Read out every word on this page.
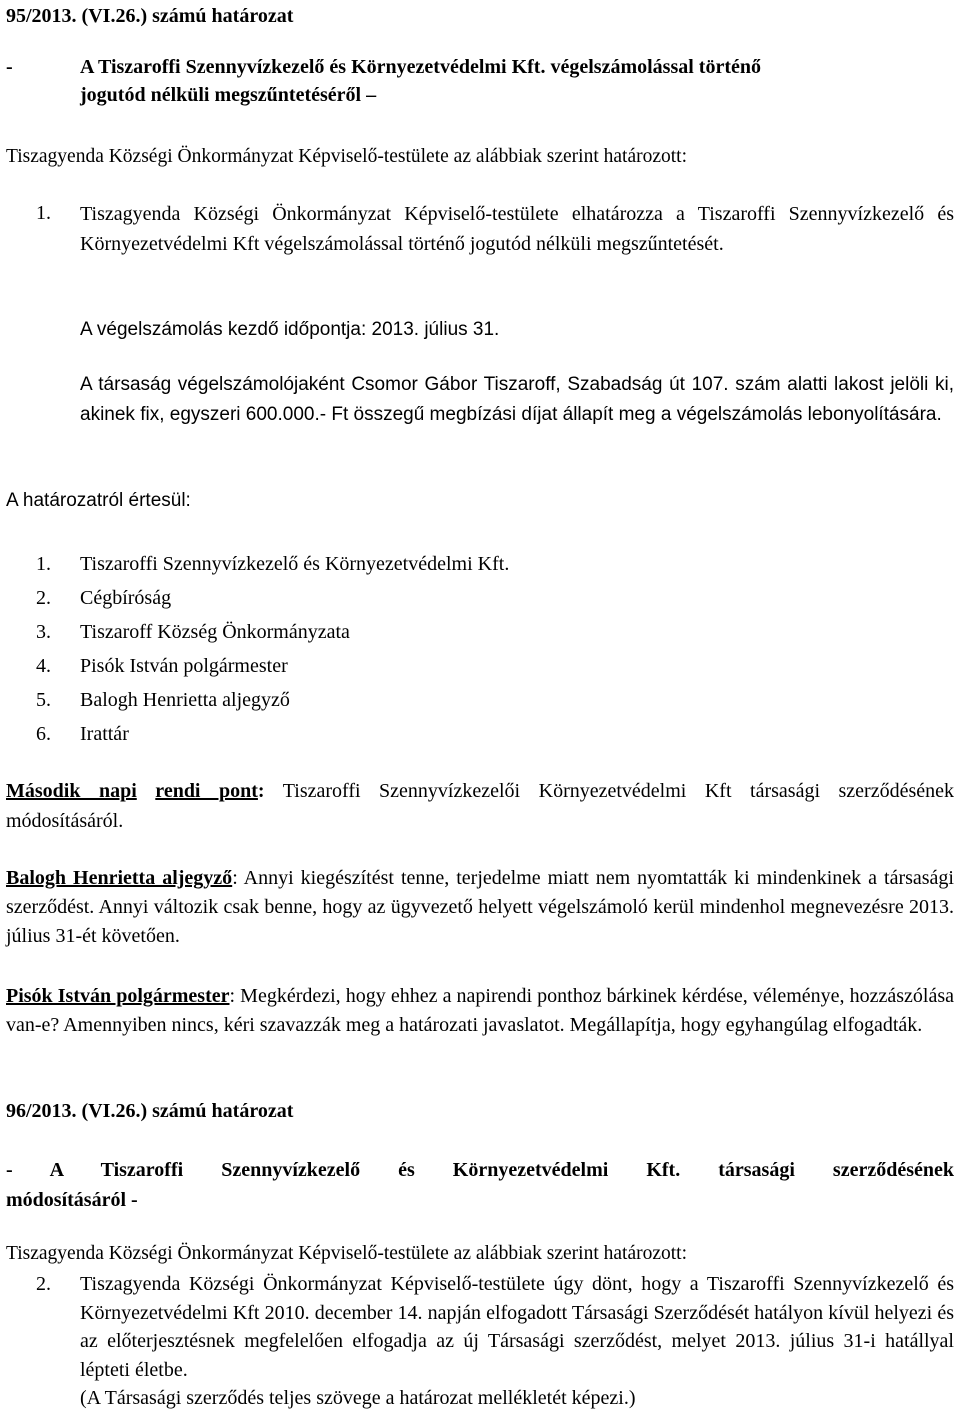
95/2013. (VI.26.) számú határozat
-	A Tiszaroffi Szennyvízkezelő és Környezetvédelmi Kft. végelszámolással történő
jogutód nélküli megszűntetéséről –
Tiszagyenda Községi Önkormányzat Képviselő-testülete az alábbiak szerint határozott:
1. Tiszagyenda Községi Önkormányzat Képviselő-testülete elhatározza a Tiszaroffi Szennyvízkezelő és Környezetvédelmi Kft végelszámolással történő jogutód nélküli megszűntetését.
A végelszámolás kezdő időpontja: 2013. július 31.
A társaság végelszámolójaként Csomor Gábor Tiszaroff, Szabadság út 107. szám alatti lakost jelöli ki, akinek fix, egyszeri 600.000.- Ft összegű megbízási díjat állapít meg a végelszámolás lebonyolítására.
A határozatról értesül:
1. Tiszaroffi Szennyvízkezelő és Környezetvédelmi Kft.
2. Cégbíróság
3. Tiszaroff Község Önkormányzata
4. Pisók István polgármester
5. Balogh Henrietta aljegyző
6. Irattár
Második napi rendi pont: Tiszaroffi Szennyvízkezelői Környezetvédelmi Kft társasági szerződésének módosításáról.
Balogh Henrietta aljegyző: Annyi kiegészítést tenne, terjedelme miatt nem nyomtatták ki mindenkinek a társasági szerződést. Annyi változik csak benne, hogy az ügyvezető helyett végelszámoló kerül mindenhol megnevezésre 2013. július 31-ét követően.
Pisók István polgármester: Megkérdezi, hogy ehhez a napirendi ponthoz bárkinek kérdése, véleménye, hozzászólása van-e? Amennyiben nincs, kéri szavazzák meg a határozati javaslatot. Megállapítja, hogy egyhangúlag elfogadták.
96/2013. (VI.26.) számú határozat
- A Tiszaroffi Szennyvízkezelő és Környezetvédelmi Kft. társasági szerződésének
módosításáról -
Tiszagyenda Községi Önkormányzat Képviselő-testülete az alábbiak szerint határozott:
2. Tiszagyenda Községi Önkormányzat Képviselő-testülete úgy dönt, hogy a Tiszaroffi Szennyvízkezelő és Környezetvédelmi Kft 2010. december 14. napján elfogadott Társasági Szerződését hatályon kívül helyezi és az előterjesztésnek megfelelően elfogadja az új Társasági szerződést, melyet 2013. július 31-i hatállyal lépteti életbe.
(A Társasági szerződés teljes szövege a határozat mellékletét képezi.)
